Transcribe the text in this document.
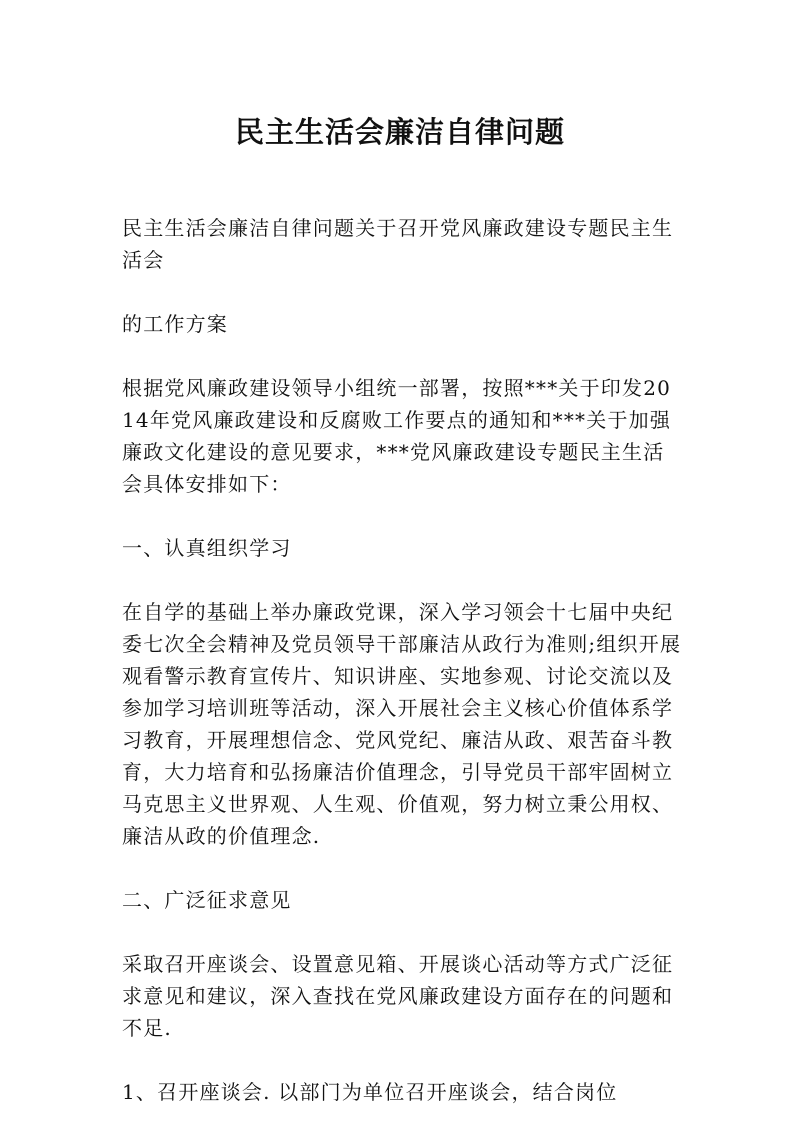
民主生活会廉洁自律问题

民主生活会廉洁自律问题关于召开党风廉政建设专题民主生活会

的工作方案

根据党风廉政建设领导小组统一部署，按照***关于印发2014年党风廉政建设和反腐败工作要点的通知和***关于加强廉政文化建设的意见要求，***党风廉政建设专题民主生活会具体安排如下：

一、认真组织学习

在自学的基础上举办廉政党课，深入学习领会十七届中央纪委七次全会精神及党员领导干部廉洁从政行为准则;组织开展观看警示教育宣传片、知识讲座、实地参观、讨论交流以及参加学习培训班等活动，深入开展社会主义核心价值体系学习教育，开展理想信念、党风党纪、廉洁从政、艰苦奋斗教育，大力培育和弘扬廉洁价值理念，引导党员干部牢固树立马克思主义世界观、人生观、价值观，努力树立秉公用权、廉洁从政的价值理念.

二、广泛征求意见

采取召开座谈会、设置意见箱、开展谈心活动等方式广泛征求意见和建议，深入查找在党风廉政建设方面存在的问题和不足.

1、召开座谈会. 以部门为单位召开座谈会，结合岗位
